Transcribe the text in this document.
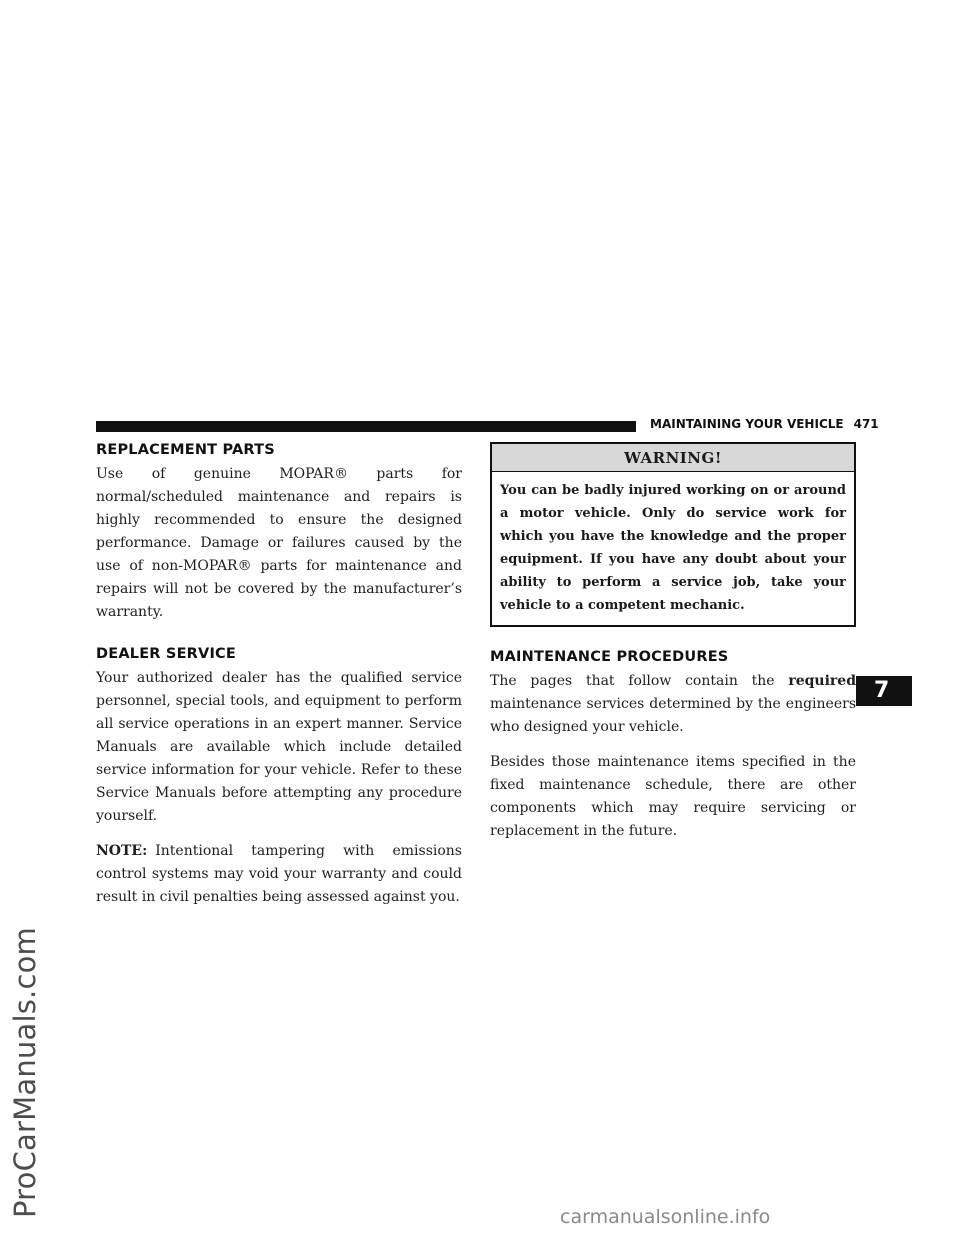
ProCarManuals.com
MAINTAINING YOUR VEHICLE 471
REPLACEMENT PARTS

Use of genuine MOPAR® parts for normal/scheduled maintenance and repairs is highly recommended to ensure the designed performance. Damage or failures caused by the use of non-MOPAR® parts for maintenance and repairs will not be covered by the manufacturer’s warranty.

DEALER SERVICE

Your authorized dealer has the qualified service personnel, special tools, and equipment to perform all service operations in an expert manner. Service Manuals are available which include detailed service information for your vehicle. Refer to these Service Manuals before attempting any procedure yourself.

NOTE: Intentional tampering with emissions control systems may void your warranty and could result in civil penalties being assessed against you.

WARNING!
You can be badly injured working on or around a motor vehicle. Only do service work for which you have the knowledge and the proper equipment. If you have any doubt about your ability to perform a service job, take your vehicle to a competent mechanic.
MAINTENANCE PROCEDURES

The pages that follow contain the required maintenance services determined by the engineers who designed your vehicle.

Besides those maintenance items specified in the fixed maintenance schedule, there are other components which may require servicing or replacement in the future.

7
carmanualsonline.info
